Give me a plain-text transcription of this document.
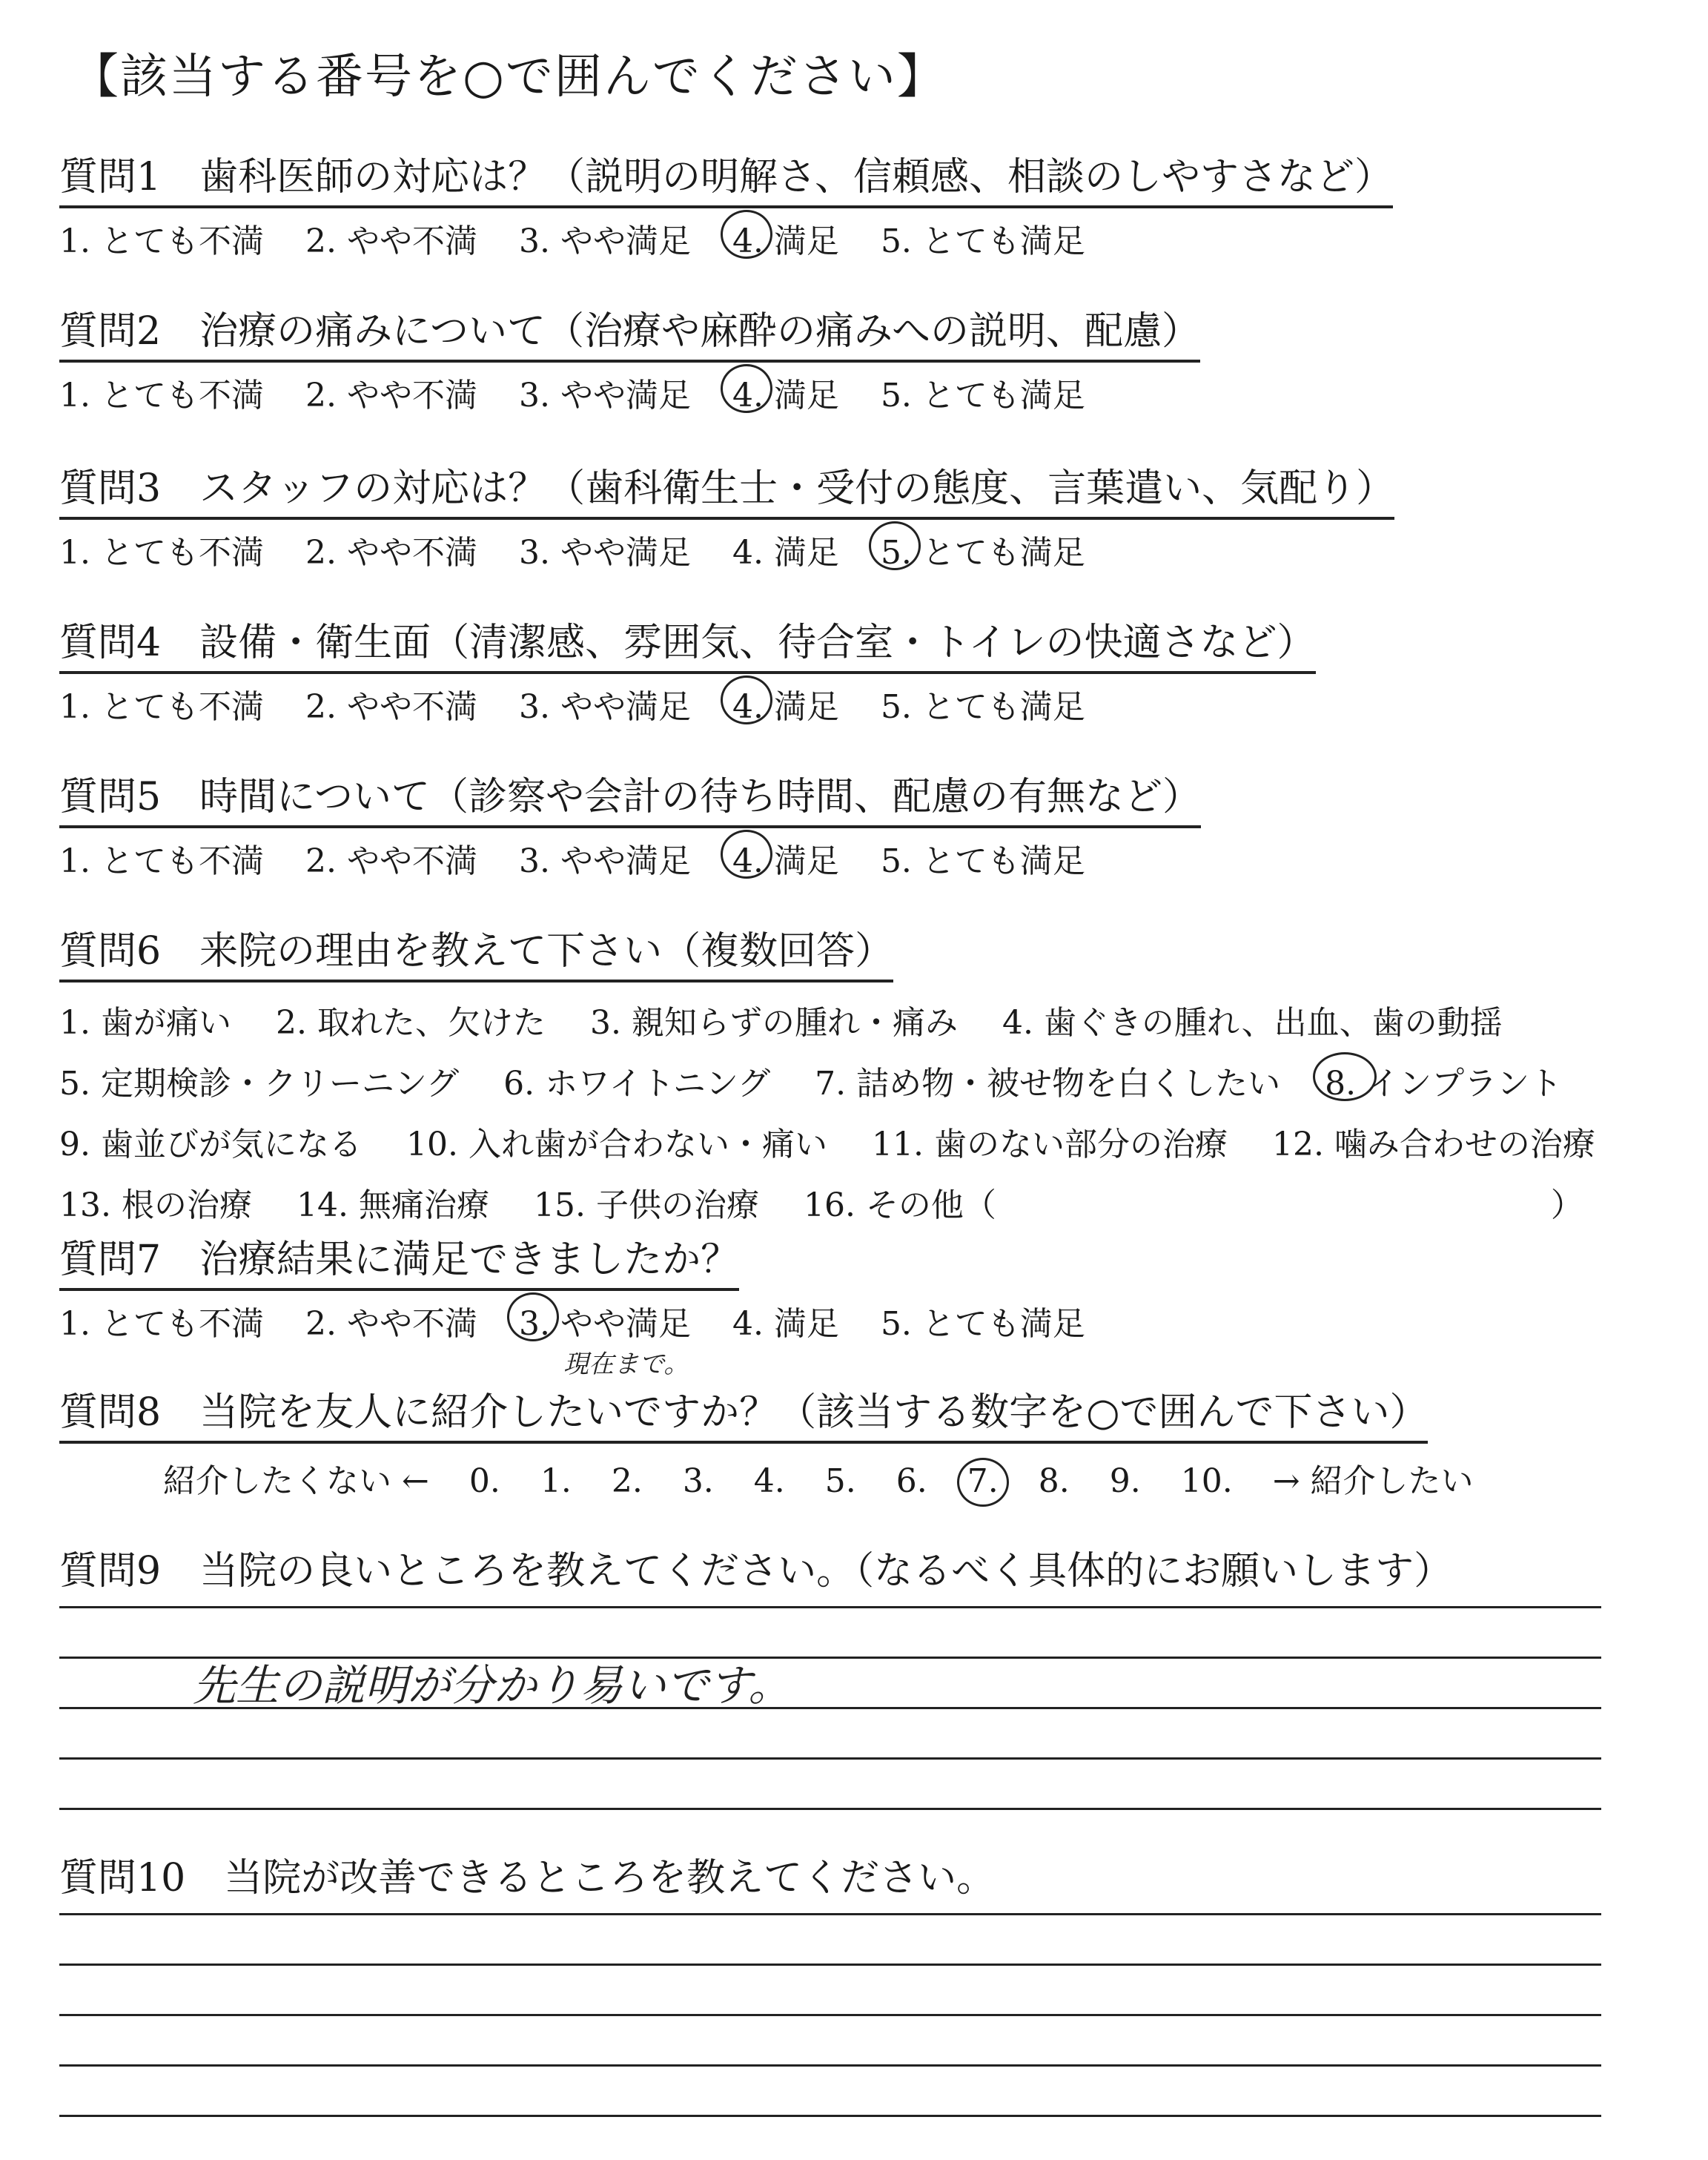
【該当する番号を○で囲んでください】
質問1　歯科医師の対応は？（説明の明解さ、信頼感、相談のしやすさなど）
1. とても不満 2. やや不満 3. やや満足 4. 満足 5. とても満足
質問2　治療の痛みについて（治療や麻酔の痛みへの説明、配慮）
1. とても不満 2. やや不満 3. やや満足 4. 満足 5. とても満足
質問3　スタッフの対応は？（歯科衛生士・受付の態度、言葉遣い、気配り）
1. とても不満 2. やや不満 3. やや満足 4. 満足 5. とても満足
質問4　設備・衛生面（清潔感、雰囲気、待合室・トイレの快適さなど）
1. とても不満 2. やや不満 3. やや満足 4. 満足 5. とても満足
質問5　時間について（診察や会計の待ち時間、配慮の有無など）
1. とても不満 2. やや不満 3. やや満足 4. 満足 5. とても満足
質問6　来院の理由を教えて下さい（複数回答）
1. 歯が痛い 2. 取れた、欠けた 3. 親知らずの腫れ・痛み 4. 歯ぐきの腫れ、出血、歯の動揺
5. 定期検診・クリーニング 6. ホワイトニング 7. 詰め物・被せ物を白くしたい 8. インプラント
9. 歯並びが気になる 10. 入れ歯が合わない・痛い 11. 歯のない部分の治療 12. 噛み合わせの治療
13. 根の治療 14. 無痛治療 15. 子供の治療 16. その他（　　　　　　　　　　　　　　　　　）
質問7　治療結果に満足できましたか？
1. とても不満 2. やや不満 3. やや満足 4. 満足 5. とても満足
現在まで。
質問8　当院を友人に紹介したいですか？（該当する数字を○で囲んで下さい）
紹介したくない ← 0. 1. 2. 3. 4. 5. 6. 7. 8. 9. 10. → 紹介したい
質問9　当院の良いところを教えてください。（なるべく具体的にお願いします）
先生の説明が分かり易いです。
質問10　当院が改善できるところを教えてください。
